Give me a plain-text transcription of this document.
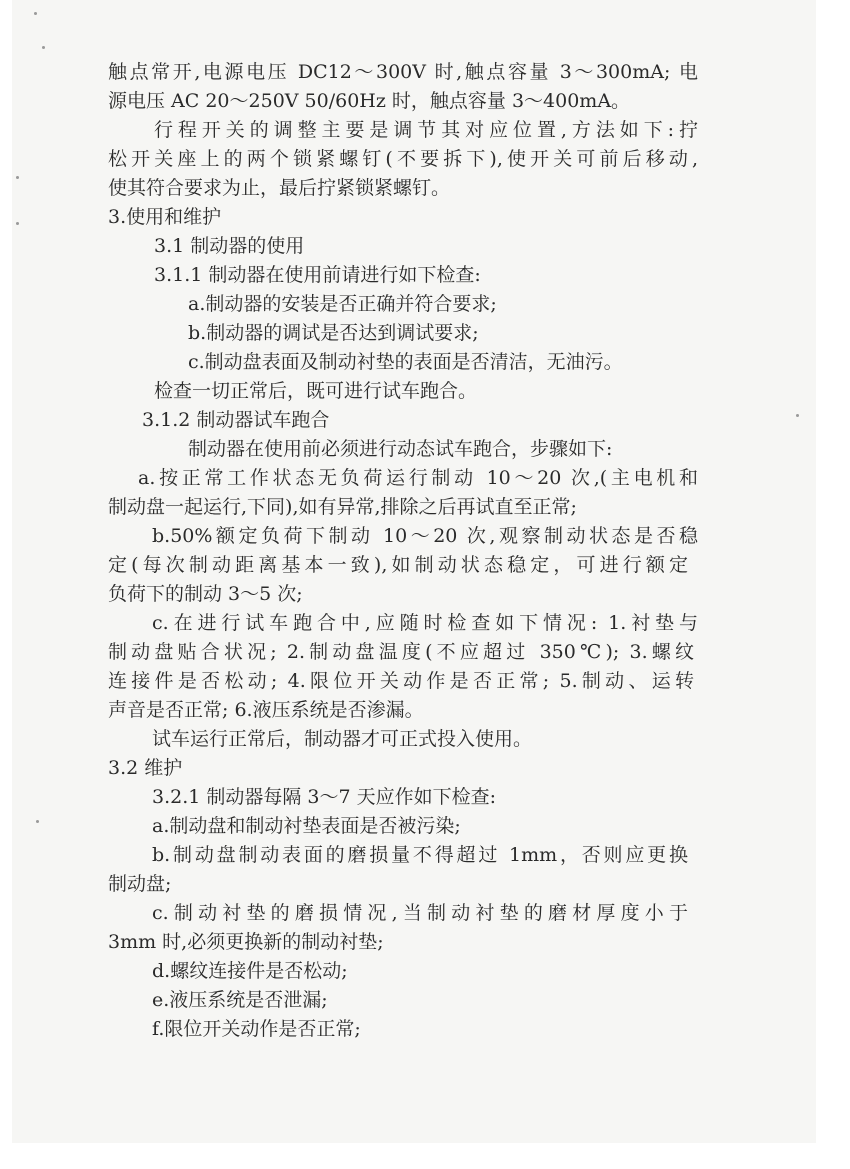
触点常开,电源电压 DC12～300V 时,触点容量 3～300mA; 电
源电压 AC 20～250V 50/60Hz 时，触点容量 3～400mA。
行程开关的调整主要是调节其对应位置,方法如下:拧
松开关座上的两个锁紧螺钉(不要拆下),使开关可前后移动,
使其符合要求为止，最后拧紧锁紧螺钉。
3.使用和维护
3.1 制动器的使用
3.1.1 制动器在使用前请进行如下检查:
a.制动器的安装是否正确并符合要求;
b.制动器的调试是否达到调试要求;
c.制动盘表面及制动衬垫的表面是否清洁，无油污。
检查一切正常后，既可进行试车跑合。
3.1.2 制动器试车跑合
制动器在使用前必须进行动态试车跑合，步骤如下:
a.按正常工作状态无负荷运行制动 10～20 次,(主电机和
制动盘一起运行,下同),如有异常,排除之后再试直至正常;
b.50%额定负荷下制动 10～20 次,观察制动状态是否稳
定(每次制动距离基本一致),如制动状态稳定，可进行额定
负荷下的制动 3～5 次;
c.在进行试车跑合中,应随时检查如下情况: 1.衬垫与
制动盘贴合状况; 2.制动盘温度(不应超过 350℃); 3.螺纹
连接件是否松动; 4.限位开关动作是否正常; 5.制动、运转
声音是否正常; 6.液压系统是否渗漏。
试车运行正常后，制动器才可正式投入使用。
3.2 维护
3.2.1 制动器每隔 3～7 天应作如下检查:
a.制动盘和制动衬垫表面是否被污染;
b.制动盘制动表面的磨损量不得超过 1mm，否则应更换
制动盘;
c.制动衬垫的磨损情况,当制动衬垫的磨材厚度小于
3mm 时,必须更换新的制动衬垫;
d.螺纹连接件是否松动;
e.液压系统是否泄漏;
f.限位开关动作是否正常;
